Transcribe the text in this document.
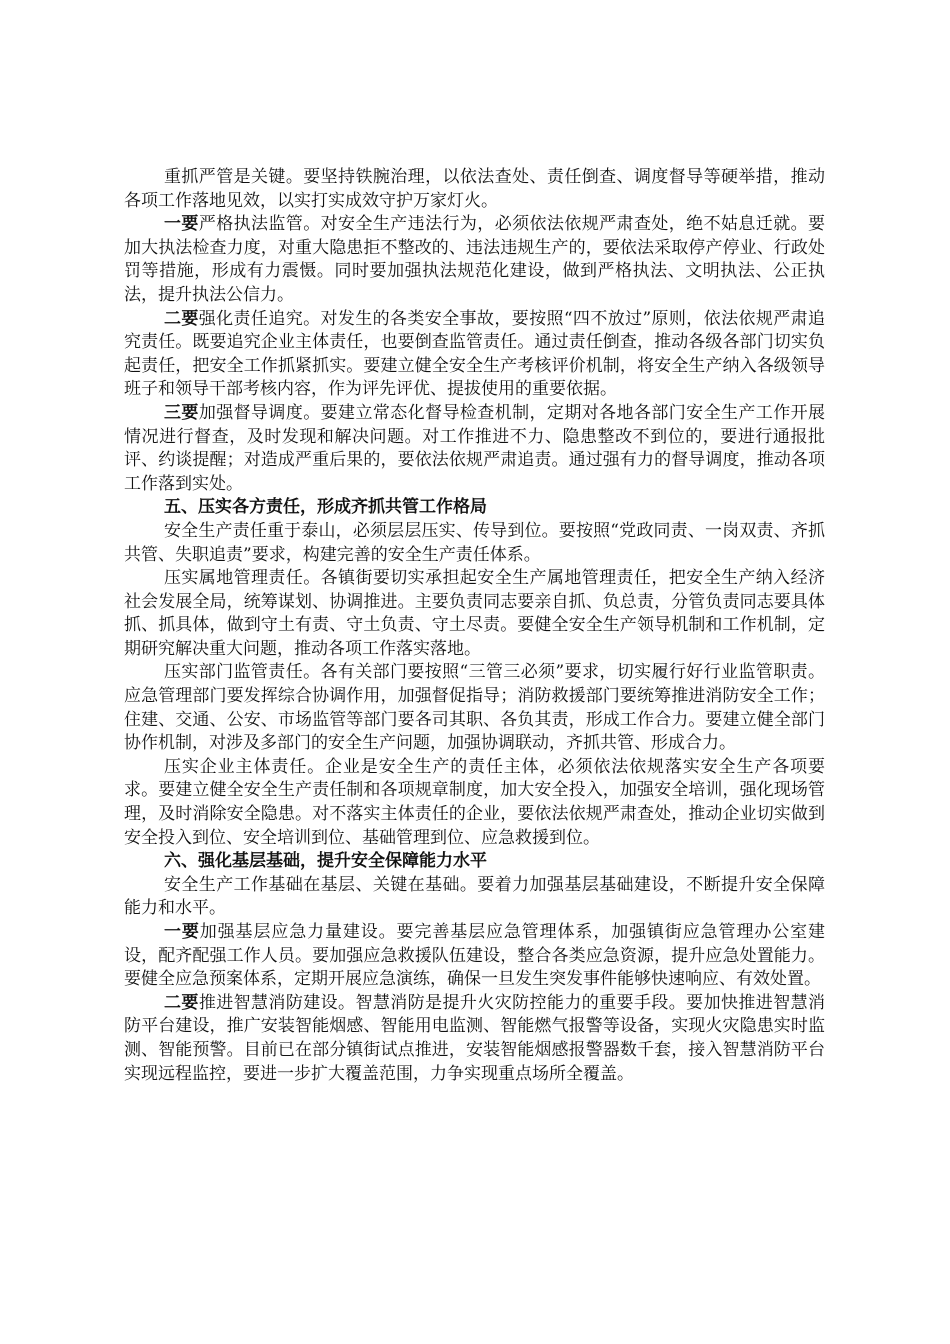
重抓严管是关键。要坚持铁腕治理，以依法查处、责任倒查、调度督导等硬举措，推动各项工作落地见效，以实打实成效守护万家灯火。

一要严格执法监管。对安全生产违法行为，必须依法依规严肃查处，绝不姑息迁就。要加大执法检查力度，对重大隐患拒不整改的、违法违规生产的，要依法采取停产停业、行政处罚等措施，形成有力震慑。同时要加强执法规范化建设，做到严格执法、文明执法、公正执法，提升执法公信力。

二要强化责任追究。对发生的各类安全事故，要按照“四不放过”原则，依法依规严肃追究责任。既要追究企业主体责任，也要倒查监管责任。通过责任倒查，推动各级各部门切实负起责任，把安全工作抓紧抓实。要建立健全安全生产考核评价机制，将安全生产纳入各级领导班子和领导干部考核内容，作为评先评优、提拔使用的重要依据。

三要加强督导调度。要建立常态化督导检查机制，定期对各地各部门安全生产工作开展情况进行督查，及时发现和解决问题。对工作推进不力、隐患整改不到位的，要进行通报批评、约谈提醒；对造成严重后果的，要依法依规严肃追责。通过强有力的督导调度，推动各项工作落到实处。

五、压实各方责任，形成齐抓共管工作格局

安全生产责任重于泰山，必须层层压实、传导到位。要按照“党政同责、一岗双责、齐抓共管、失职追责”要求，构建完善的安全生产责任体系。

压实属地管理责任。各镇街要切实承担起安全生产属地管理责任，把安全生产纳入经济社会发展全局，统筹谋划、协调推进。主要负责同志要亲自抓、负总责，分管负责同志要具体抓、抓具体，做到守土有责、守土负责、守土尽责。要健全安全生产领导机制和工作机制，定期研究解决重大问题，推动各项工作落实落地。

压实部门监管责任。各有关部门要按照“三管三必须”要求，切实履行好行业监管职责。应急管理部门要发挥综合协调作用，加强督促指导；消防救援部门要统筹推进消防安全工作；住建、交通、公安、市场监管等部门要各司其职、各负其责，形成工作合力。要建立健全部门协作机制，对涉及多部门的安全生产问题，加强协调联动，齐抓共管、形成合力。

压实企业主体责任。企业是安全生产的责任主体，必须依法依规落实安全生产各项要求。要建立健全安全生产责任制和各项规章制度，加大安全投入，加强安全培训，强化现场管理，及时消除安全隐患。对不落实主体责任的企业，要依法依规严肃查处，推动企业切实做到安全投入到位、安全培训到位、基础管理到位、应急救援到位。

六、强化基层基础，提升安全保障能力水平

安全生产工作基础在基层、关键在基础。要着力加强基层基础建设，不断提升安全保障能力和水平。

一要加强基层应急力量建设。要完善基层应急管理体系，加强镇街应急管理办公室建设，配齐配强工作人员。要加强应急救援队伍建设，整合各类应急资源，提升应急处置能力。要健全应急预案体系，定期开展应急演练，确保一旦发生突发事件能够快速响应、有效处置。

二要推进智慧消防建设。智慧消防是提升火灾防控能力的重要手段。要加快推进智慧消防平台建设，推广安装智能烟感、智能用电监测、智能燃气报警等设备，实现火灾隐患实时监测、智能预警。目前已在部分镇街试点推进，安装智能烟感报警器数千套，接入智慧消防平台实现远程监控，要进一步扩大覆盖范围，力争实现重点场所全覆盖。
